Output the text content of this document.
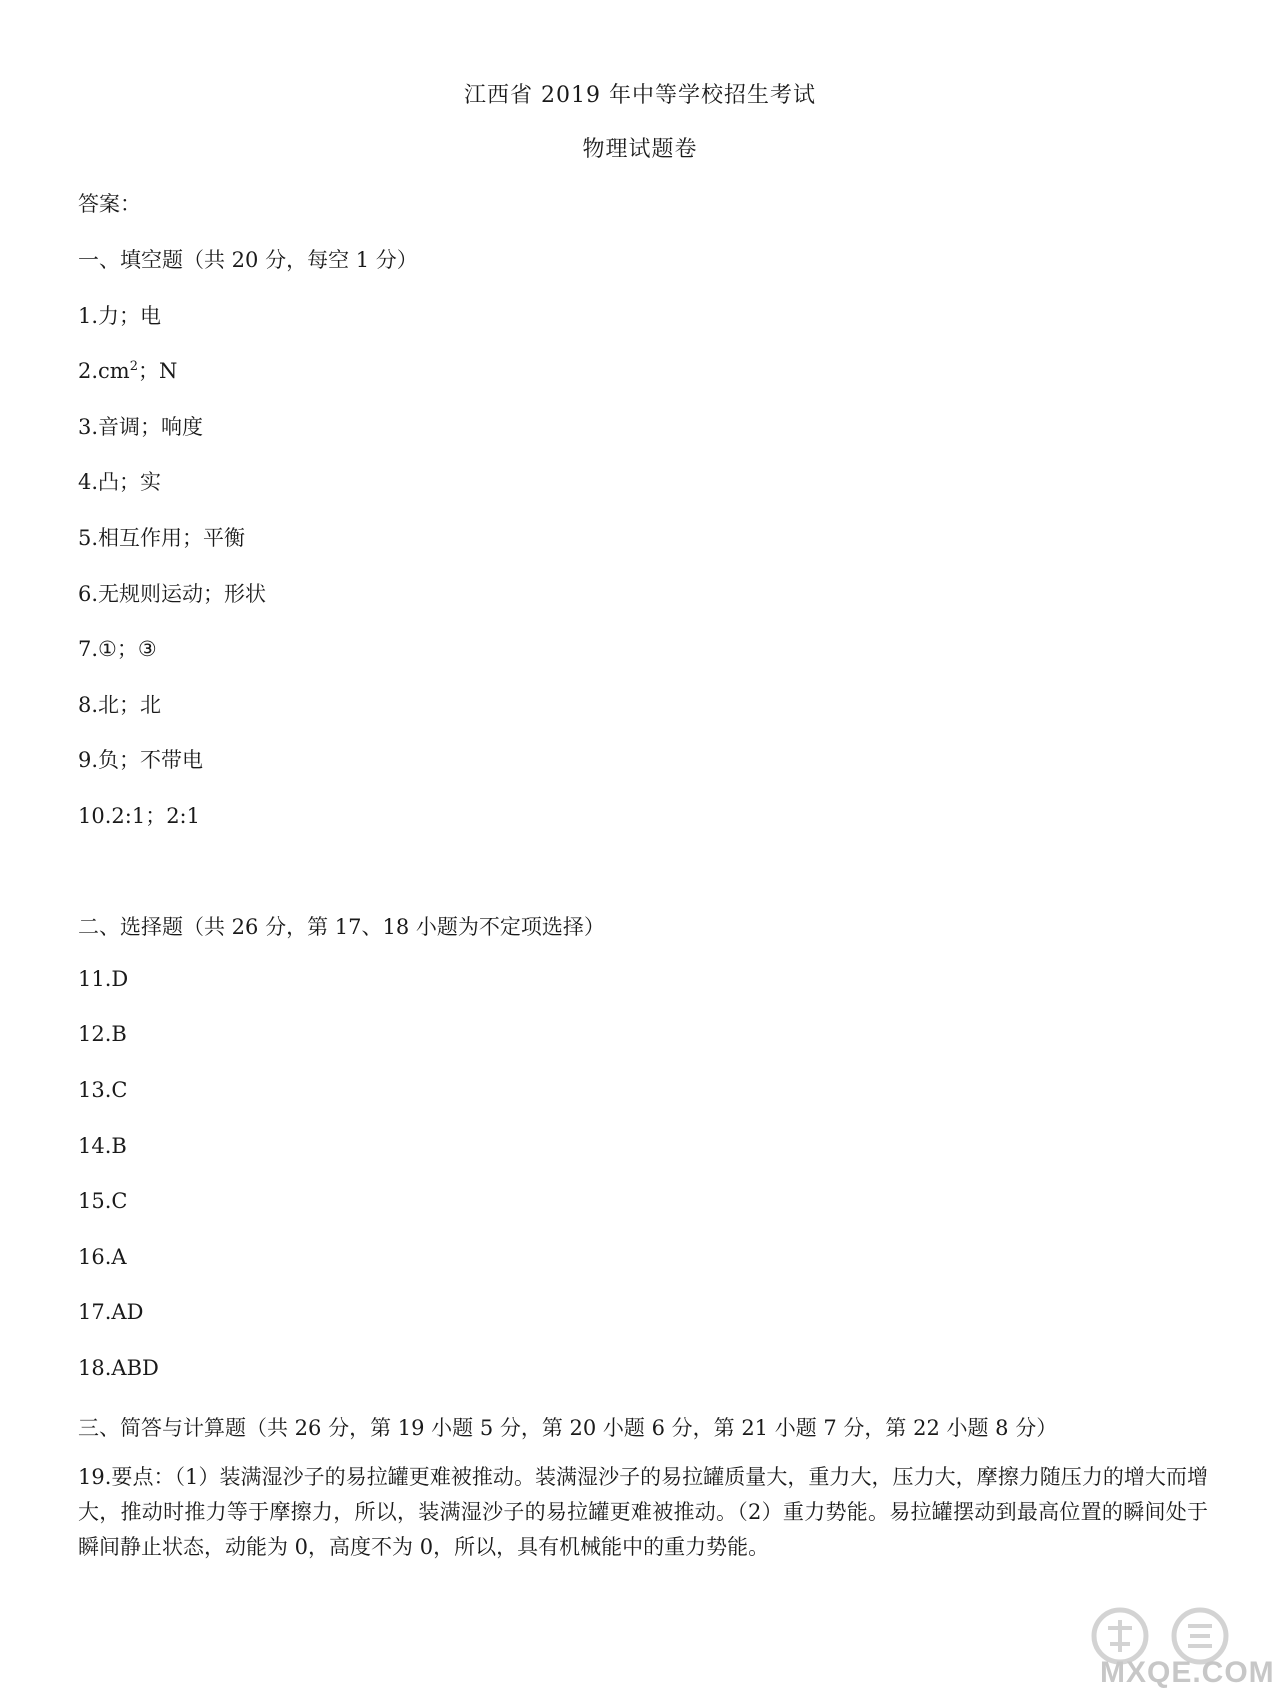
江西省 2019 年中等学校招生考试
物理试题卷
答案：
一、填空题（共 20 分，每空 1 分）
1.力；电
$2.cm^2$；N
3.音调；响度
4.凸；实
5.相互作用；平衡
6.无规则运动；形状
7.①；③
8.北；北
9.负；不带电
10.2:1；2:1
二、选择题（共 26 分，第 17、18 小题为不定项选择）
11.D
12.B
13.C
14.B
15.C
16.A
17.AD
18.ABD
三、简答与计算题（共 26 分，第 19 小题 5 分，第 20 小题 6 分，第 21 小题 7 分，第 22 小题 8 分）
19.要点：（1）装满湿沙子的易拉罐更难被推动。装满湿沙子的易拉罐质量大，重力大，压力大，摩擦力随压力的增大而增大，推动时推力等于摩擦力，所以，装满湿沙子的易拉罐更难被推动。（2）重力势能。易拉罐摆动到最高位置的瞬间处于瞬间静止状态，动能为 0，高度不为 0，所以，具有机械能中的重力势能。
MXQE.COM
